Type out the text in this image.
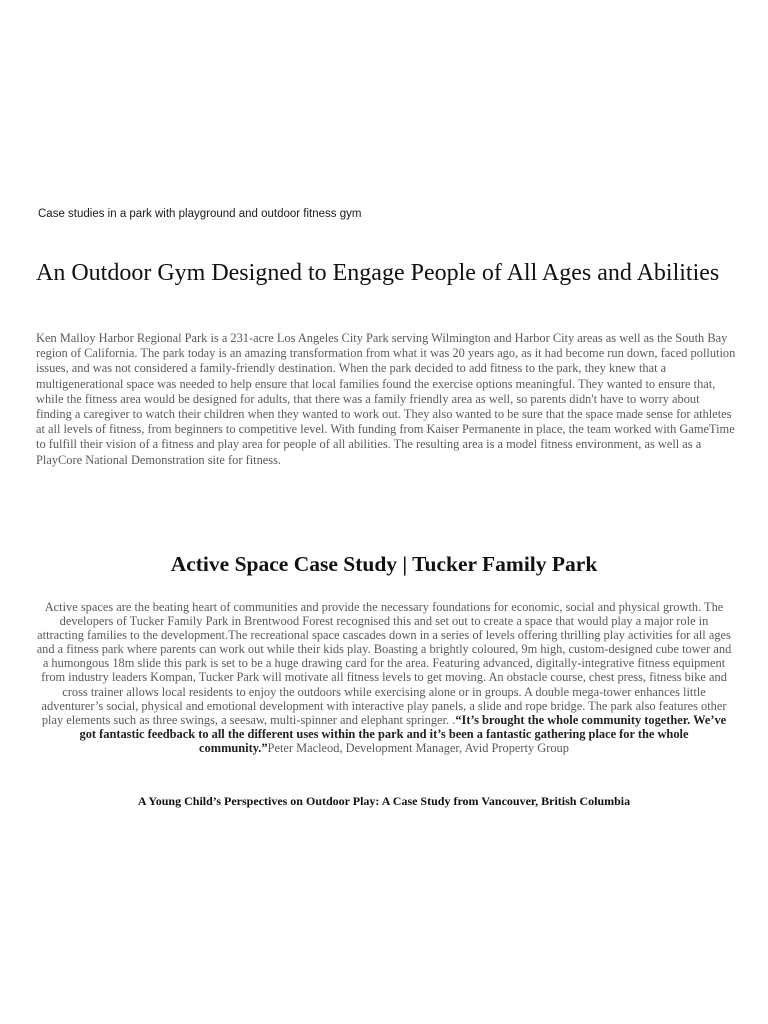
Case studies in a park with playground and outdoor fitness gym

An Outdoor Gym Designed to Engage People of All Ages and Abilities

Ken Malloy Harbor Regional Park is a 231-acre Los Angeles City Park serving Wilmington and Harbor City areas as well as the South Bay region of California. The park today is an amazing transformation from what it was 20 years ago, as it had become run down, faced pollution issues, and was not considered a family-friendly destination. When the park decided to add fitness to the park, they knew that a multigenerational space was needed to help ensure that local families found the exercise options meaningful. They wanted to ensure that, while the fitness area would be designed for adults, that there was a family friendly area as well, so parents didn't have to worry about finding a caregiver to watch their children when they wanted to work out. They also wanted to be sure that the space made sense for athletes at all levels of fitness, from beginners to competitive level. With funding from Kaiser Permanente in place, the team worked with GameTime to fulfill their vision of a fitness and play area for people of all abilities. The resulting area is a model fitness environment, as well as a PlayCore National Demonstration site for fitness.

Active Space Case Study | Tucker Family Park

Active spaces are the beating heart of communities and provide the necessary foundations for economic, social and physical growth. The developers of Tucker Family Park in Brentwood Forest recognised this and set out to create a space that would play a major role in attracting families to the development.The recreational space cascades down in a series of levels offering thrilling play activities for all ages and a fitness park where parents can work out while their kids play. Boasting a brightly coloured, 9m high, custom-designed cube tower and a humongous 18m slide this park is set to be a huge drawing card for the area. Featuring advanced, digitally-integrative fitness equipment from industry leaders Kompan, Tucker Park will motivate all fitness levels to get moving. An obstacle course, chest press, fitness bike and cross trainer allows local residents to enjoy the outdoors while exercising alone or in groups. A double mega-tower enhances little adventurer’s social, physical and emotional development with interactive play panels, a slide and rope bridge. The park also features other play elements such as three swings, a seesaw, multi-spinner and elephant springer. .“It’s brought the whole community together. We’ve got fantastic feedback to all the different uses within the park and it’s been a fantastic gathering place for the whole community.”Peter Macleod, Development Manager, Avid Property Group

A Young Child’s Perspectives on Outdoor Play: A Case Study from Vancouver, British Columbia
